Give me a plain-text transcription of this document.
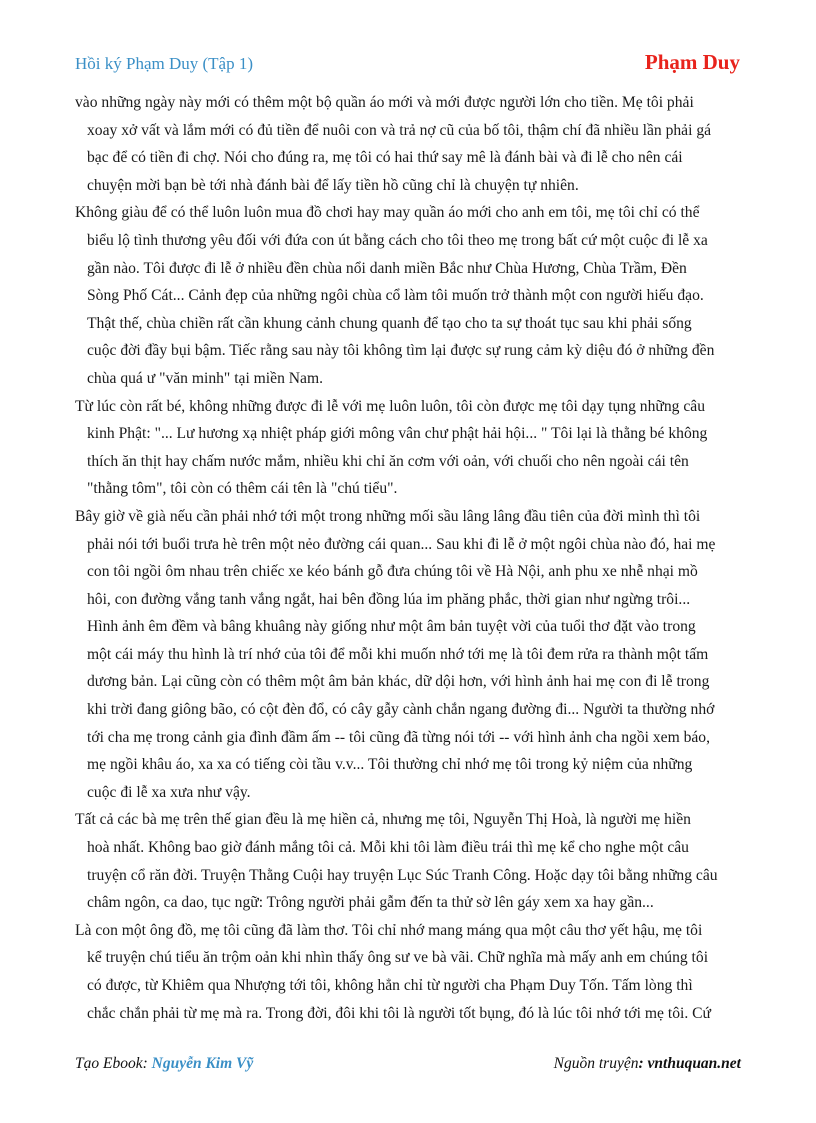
Hồi ký Phạm Duy (Tập 1)	Phạm Duy
vào những ngày này mới có thêm một bộ quần áo mới và mới được người lớn cho tiền. Mẹ tôi phải
xoay xở vất và lắm mới có đủ tiền để nuôi con và trả nợ cũ của bố tôi, thậm chí đã nhiều lần phải gá
bạc để có tiền đi chợ. Nói cho đúng ra, mẹ tôi có hai thứ say mê là đánh bài và đi lễ cho nên cái
chuyện mời bạn bè tới nhà đánh bài để lấy tiền hồ cũng chỉ là chuyện tự nhiên.
Không giàu để có thể luôn luôn mua đồ chơi hay may quần áo mới cho anh em tôi, mẹ tôi chỉ có thể
biểu lộ tình thương yêu đối với đứa con út bằng cách cho tôi theo mẹ trong bất cứ một cuộc đi lễ xa
gần nào. Tôi được đi lễ ở nhiều đền chùa nổi danh miền Bắc như Chùa Hương, Chùa Trầm, Đền
Sòng Phố Cát... Cảnh đẹp của những ngôi chùa cổ làm tôi muốn trở thành một con người hiếu đạo.
Thật thế, chùa chiền rất cần khung cảnh chung quanh để tạo cho ta sự thoát tục sau khi phải sống
cuộc đời đầy bụi bậm. Tiếc rằng sau này tôi không tìm lại được sự rung cảm kỳ diệu đó ở những đền
chùa quá ư "văn minh" tại miền Nam.
Từ lúc còn rất bé, không những được đi lễ với mẹ luôn luôn, tôi còn được mẹ tôi dạy tụng những câu
kinh Phật: "... Lư hương xạ nhiệt pháp giới mông vân chư phật hải hội... " Tôi lại là thằng bé không
thích ăn thịt hay chấm nước mắm, nhiều khi chỉ ăn cơm với oản, với chuối cho nên ngoài cái tên
"thằng tôm", tôi còn có thêm cái tên là "chú tiểu".
Bây giờ về già nếu cần phải nhớ tới một trong những mối sầu lâng lâng đầu tiên của đời mình thì tôi
phải nói tới buổi trưa hè trên một nẻo đường cái quan... Sau khi đi lễ ở một ngôi chùa nào đó, hai mẹ
con tôi ngồi ôm nhau trên chiếc xe kéo bánh gỗ đưa chúng tôi về Hà Nội, anh phu xe nhễ nhại mồ
hôi, con đường vắng tanh vắng ngắt, hai bên đồng lúa im phăng phắc, thời gian như ngừng trôi...
Hình ảnh êm đềm và bâng khuâng này giống như một âm bản tuyệt vời của tuổi thơ đặt vào trong
một cái máy thu hình là trí nhớ của tôi để mỗi khi muốn nhớ tới mẹ là tôi đem rửa ra thành một tấm
dương bản. Lại cũng còn có thêm một âm bản khác, dữ dội hơn, với hình ảnh hai mẹ con đi lễ trong
khi trời đang giông bão, có cột đèn đổ, có cây gẫy cành chắn ngang đường đi... Người ta thường nhớ
tới cha mẹ trong cảnh gia đình đầm ấm -- tôi cũng đã từng nói tới -- với hình ảnh cha ngồi xem báo,
mẹ ngồi khâu áo, xa xa có tiếng còi tầu v.v... Tôi thường chỉ nhớ mẹ tôi trong kỷ niệm của những
cuộc đi lễ xa xưa như vậy.
Tất cả các bà mẹ trên thế gian đều là mẹ hiền cả, nhưng mẹ tôi, Nguyễn Thị Hoà, là người mẹ hiền
hoà nhất. Không bao giờ đánh mắng tôi cả. Mỗi khi tôi làm điều trái thì mẹ kể cho nghe một câu
truyện cổ răn đời. Truyện Thằng Cuội hay truyện Lục Súc Tranh Công. Hoặc dạy tôi bằng những câu
châm ngôn, ca dao, tục ngữ: Trông người phải gẫm đến ta thử sờ lên gáy xem xa hay gần...
Là con một ông đồ, mẹ tôi cũng đã làm thơ. Tôi chỉ nhớ mang máng qua một câu thơ yết hậu, mẹ tôi
kể truyện chú tiểu ăn trộm oản khi nhìn thấy ông sư ve bà vãi. Chữ nghĩa mà mấy anh em chúng tôi
có được, từ Khiêm qua Nhượng tới tôi, không hẳn chỉ từ người cha Phạm Duy Tốn. Tấm lòng thì
chắc chắn phải từ mẹ mà ra. Trong đời, đôi khi tôi là người tốt bụng, đó là lúc tôi nhớ tới mẹ tôi. Cứ
Tạo Ebook: Nguyễn Kim Vỹ	Nguồn truyện: vnthuquan.net
